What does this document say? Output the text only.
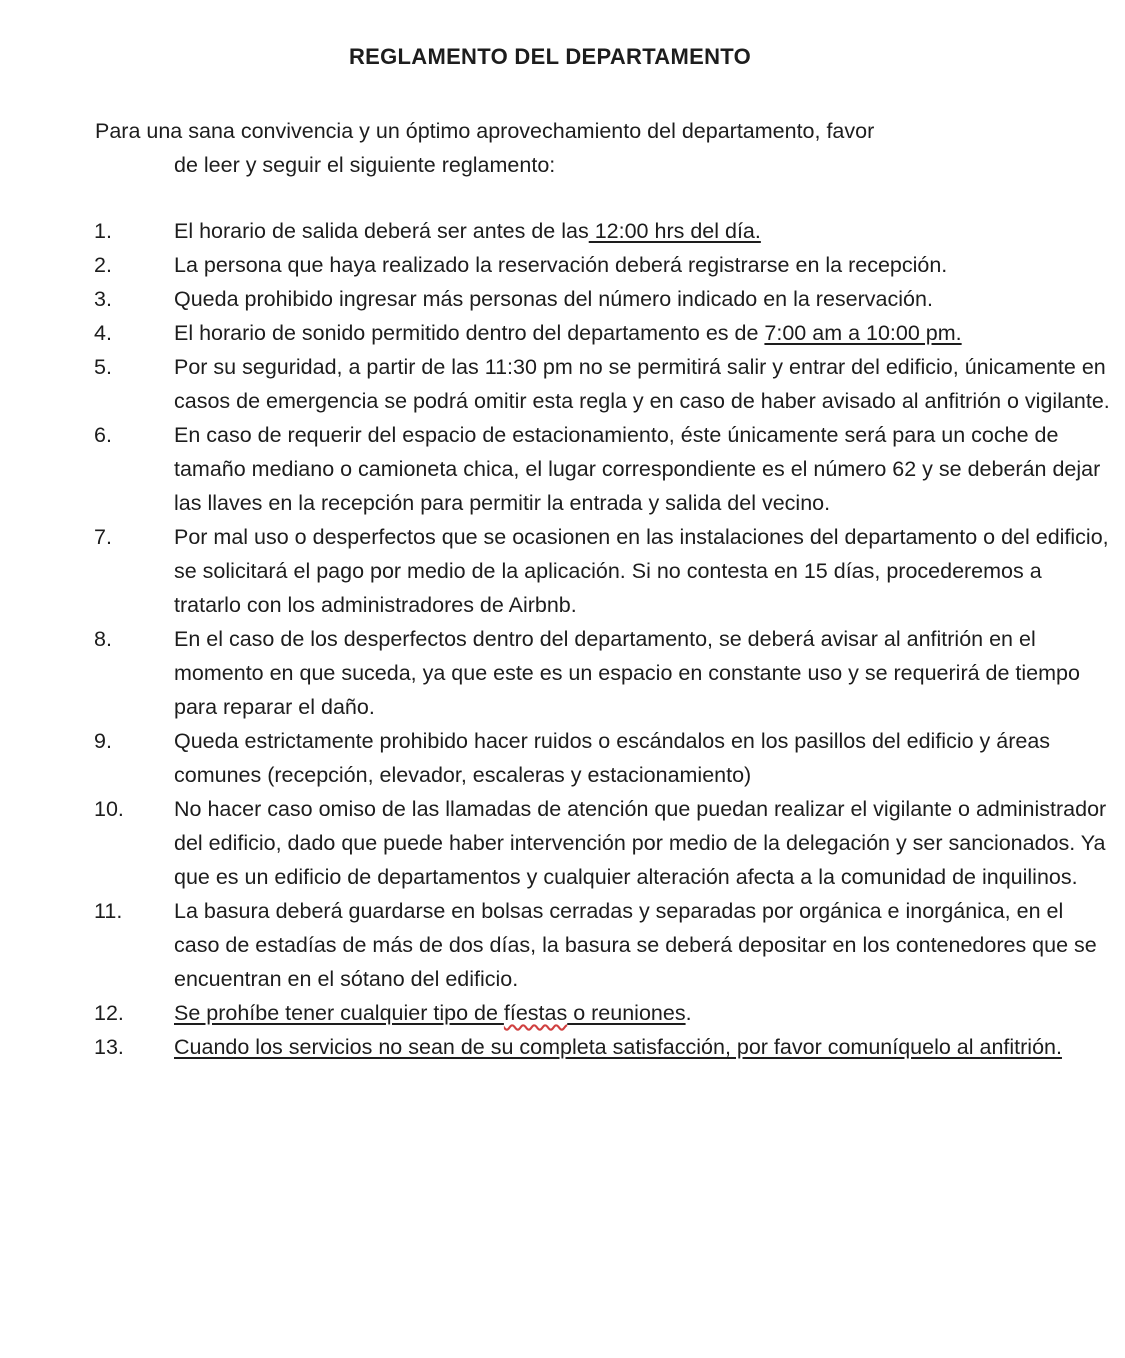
REGLAMENTO DEL DEPARTAMENTO

Para una sana convivencia y un óptimo aprovechamiento del departamento, favor

de leer y seguir el siguiente reglamento:

1.	El horario de salida deberá ser antes de las 12:00 hrs del día.
2.	La persona que haya realizado la reservación deberá registrarse en la recepción.
3.	Queda prohibido ingresar más personas del número indicado en la reservación.
4.	El horario de sonido permitido dentro del departamento es de 7:00 am a 10:00 pm.
5.	Por su seguridad, a partir de las 11:30 pm no se permitirá salir y entrar del edificio, únicamente en casos de emergencia se podrá omitir esta regla y en caso de haber avisado al anfitrión o vigilante.
6.	En caso de requerir del espacio de estacionamiento, éste únicamente será para un coche de tamaño mediano o camioneta chica, el lugar correspondiente es el número 62 y se deberán dejar las llaves en la recepción para permitir la entrada y salida del vecino.
7.	Por mal uso o desperfectos que se ocasionen en las instalaciones del departamento o del edificio, se solicitará el pago por medio de la aplicación. Si no contesta en 15 días, procederemos a tratarlo con los administradores de Airbnb.
8.	En el caso de los desperfectos dentro del departamento, se deberá avisar al anfitrión en el momento en que suceda, ya que este es un espacio en constante uso y se requerirá de tiempo para reparar el daño.
9.	Queda estrictamente prohibido hacer ruidos o escándalos en los pasillos del edificio y áreas comunes (recepción, elevador, escaleras y estacionamiento)
10.	No hacer caso omiso de las llamadas de atención que puedan realizar el vigilante o administrador del edificio, dado que puede haber intervención por medio de la delegación y ser sancionados. Ya que es un edificio de departamentos y cualquier alteración afecta a la comunidad de inquilinos.
11.	La basura deberá guardarse en bolsas cerradas y separadas por orgánica e inorgánica, en el caso de estadías de más de dos días, la basura se deberá depositar en los contenedores que se encuentran en el sótano del edificio.
12.	Se prohíbe tener cualquier tipo de fíestas o reuniones.
13.	Cuando los servicios no sean de su completa satisfacción, por favor comuníquelo al anfitrión.
